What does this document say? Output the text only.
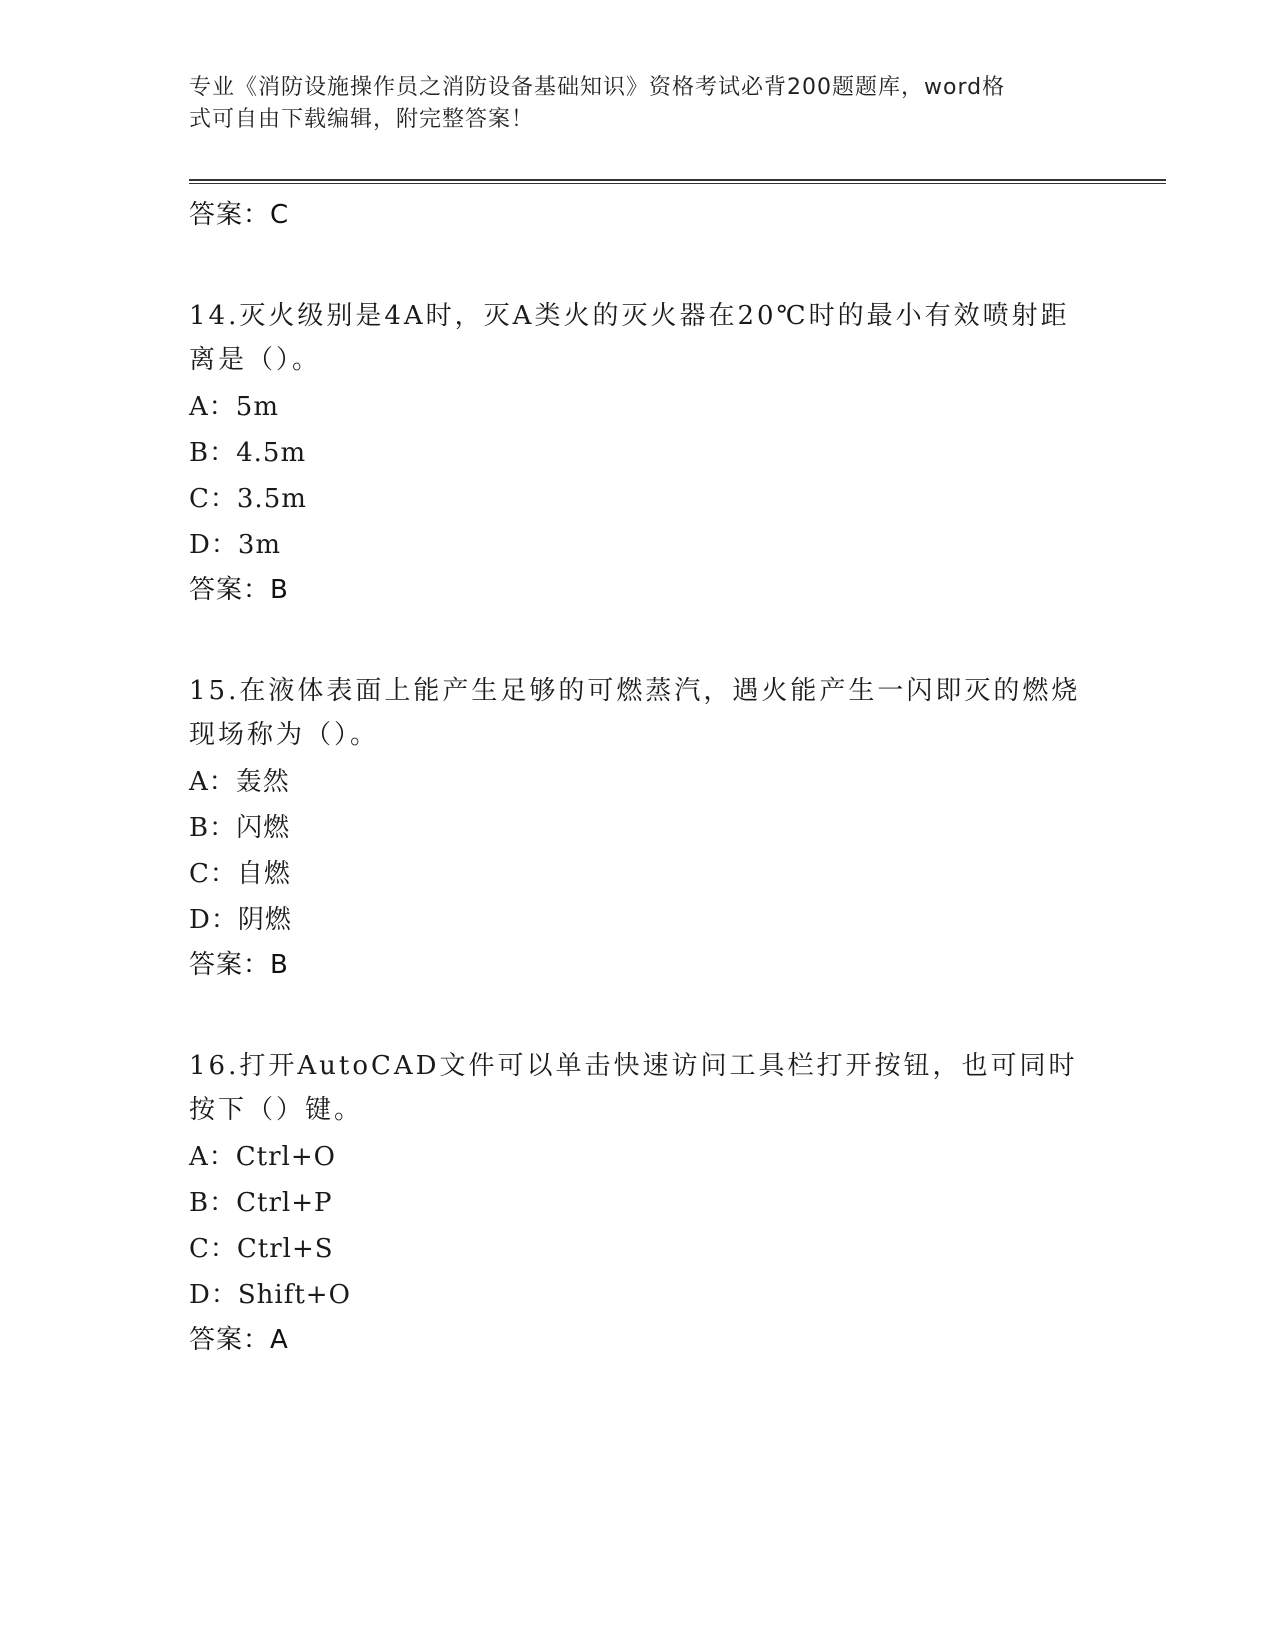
专业《消防设施操作员之消防设备基础知识》资格考试必背200题题库，word格
式可自由下载编辑，附完整答案！
答案：C

14.灭火级别是4A时，灭A类火的灭火器在20℃时的最小有效喷射距离是（）。

A：5m
B：4.5m
C：3.5m
D：3m
答案：B

15.在液体表面上能产生足够的可燃蒸汽，遇火能产生一闪即灭的燃烧现场称为（）。

A：轰然
B：闪燃
C：自燃
D：阴燃
答案：B

16.打开AutoCAD文件可以单击快速访问工具栏打开按钮，也可同时按下（）键。

A：Ctrl+O
B：Ctrl+P
C：Ctrl+S
D：Shift+O
答案：A
